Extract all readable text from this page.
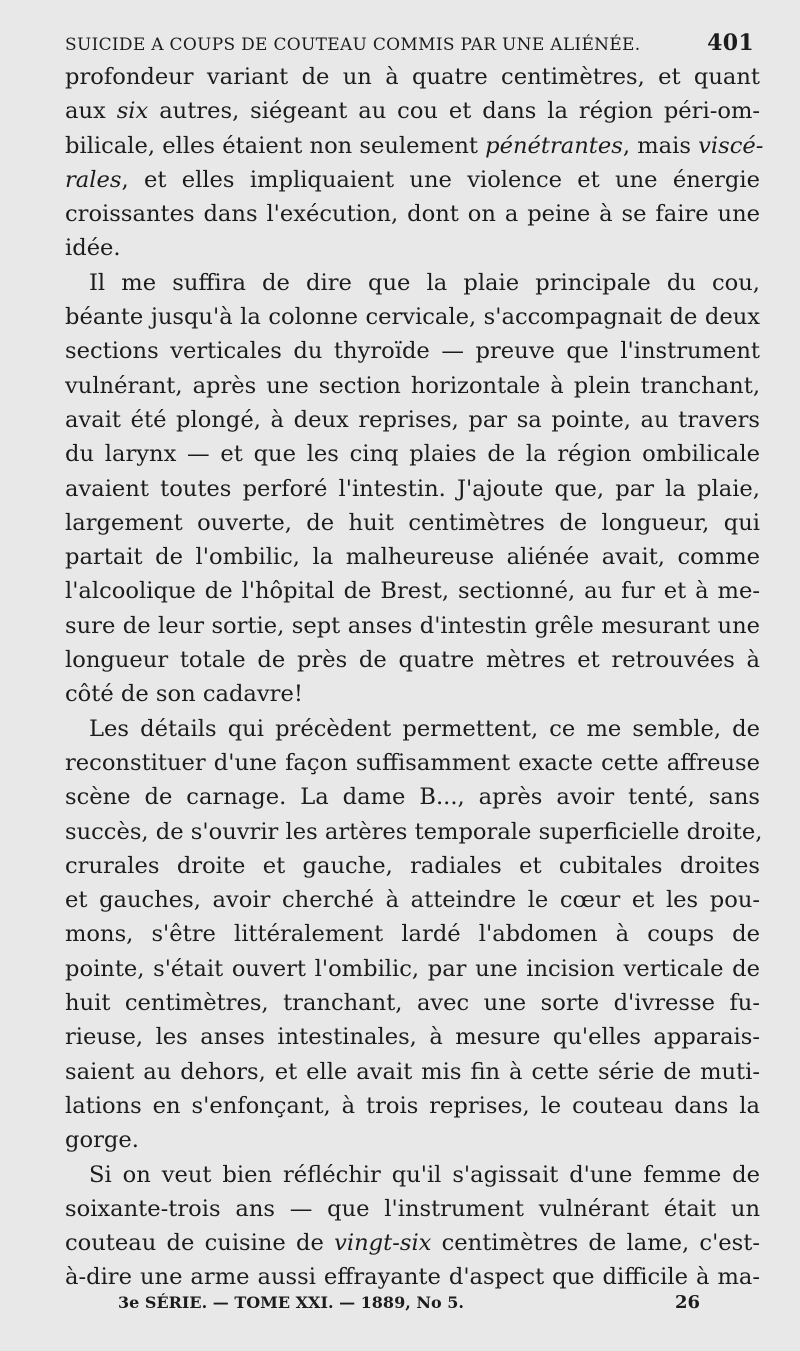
SUICIDE A COUPS DE COUTEAU COMMIS PAR UNE ALIÉNÉE.	401
profondeur variant de un à quatre centimètres, et quant
aux six autres, siégeant au cou et dans la région péri-om-
bilicale, elles étaient non seulement pénétrantes, mais viscé-
rales, et elles impliquaient une violence et une énergie
croissantes dans l'exécution, dont on a peine à se faire une
idée.
Il me suffira de dire que la plaie principale du cou,
béante jusqu'à la colonne cervicale, s'accompagnait de deux
sections verticales du thyroïde — preuve que l'instrument
vulnérant, après une section horizontale à plein tranchant,
avait été plongé, à deux reprises, par sa pointe, au travers
du larynx — et que les cinq plaies de la région ombilicale
avaient toutes perforé l'intestin. J'ajoute que, par la plaie,
largement ouverte, de huit centimètres de longueur, qui
partait de l'ombilic, la malheureuse aliénée avait, comme
l'alcoolique de l'hôpital de Brest, sectionné, au fur et à me-
sure de leur sortie, sept anses d'intestin grêle mesurant une
longueur totale de près de quatre mètres et retrouvées à
côté de son cadavre!
Les détails qui précèdent permettent, ce me semble, de
reconstituer d'une façon suffisamment exacte cette affreuse
scène de carnage. La dame B..., après avoir tenté, sans
succès, de s'ouvrir les artères temporale superficielle droite,
crurales droite et gauche, radiales et cubitales droites
et gauches, avoir cherché à atteindre le cœur et les pou-
mons, s'être littéralement lardé l'abdomen à coups de
pointe, s'était ouvert l'ombilic, par une incision verticale de
huit centimètres, tranchant, avec une sorte d'ivresse fu-
rieuse, les anses intestinales, à mesure qu'elles apparais-
saient au dehors, et elle avait mis fin à cette série de muti-
lations en s'enfonçant, à trois reprises, le couteau dans la
gorge.
Si on veut bien réfléchir qu'il s'agissait d'une femme de
soixante-trois ans — que l'instrument vulnérant était un
couteau de cuisine de vingt-six centimètres de lame, c'est-
à-dire une arme aussi effrayante d'aspect que difficile à ma-
3e SÉRIE. — TOME XXI. — 1889, No 5.	26
